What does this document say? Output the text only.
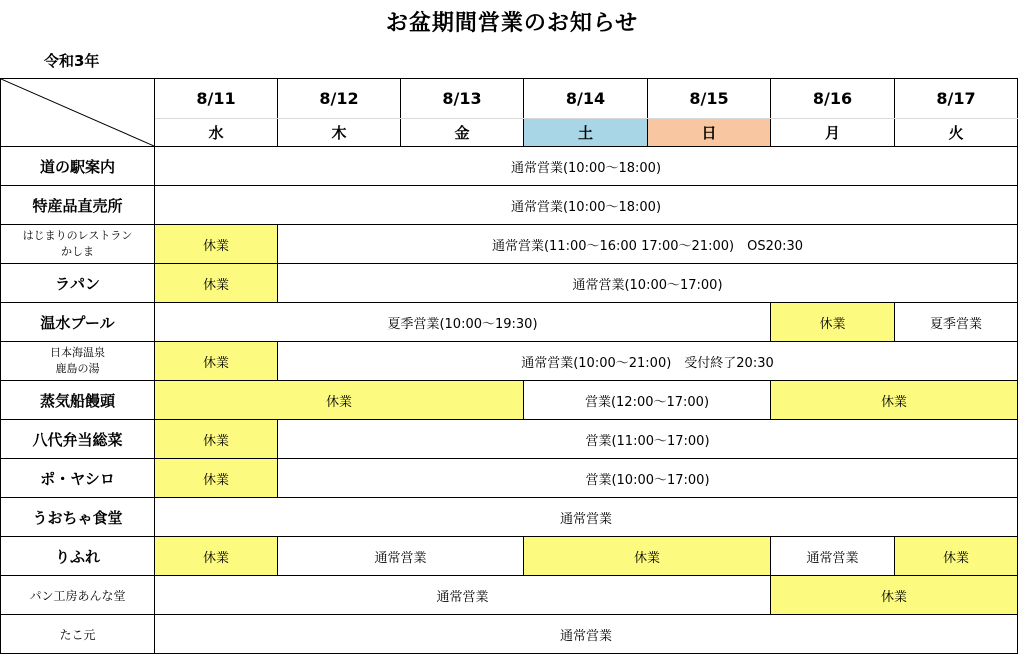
お盆期間営業のお知らせ
令和3年
	8/11	8/12	8/13	8/14	8/15	8/16	8/17
	水	木	金	土	日	月	火
道の駅案内	通常営業(10:00～18:00)						
特産品直売所	通常営業(10:00～18:00)						

はじまりのレストラン
かしま	休業	通常営業(11:00～16:00 17:00～21:00)　OS20:30					
ラパン	休業	通常営業(10:00～17:00)					
温水プール	夏季営業(10:00～19:30)					休業	夏季営業

日本海温泉
鹿島の湯	休業	通常営業(10:00～21:00)　受付終了20:30					
蒸気船饅頭	休業			営業(12:00～17:00)		休業	
八代弁当総菜	休業	営業(11:00～17:00)					
ポ・ヤシロ	休業	営業(10:00～17:00)					
うおちゃ食堂	通常営業						
りふれ	休業	通常営業		休業		通常営業	休業
パン工房あんな堂	通常営業					休業	
たこ元	通常営業						
